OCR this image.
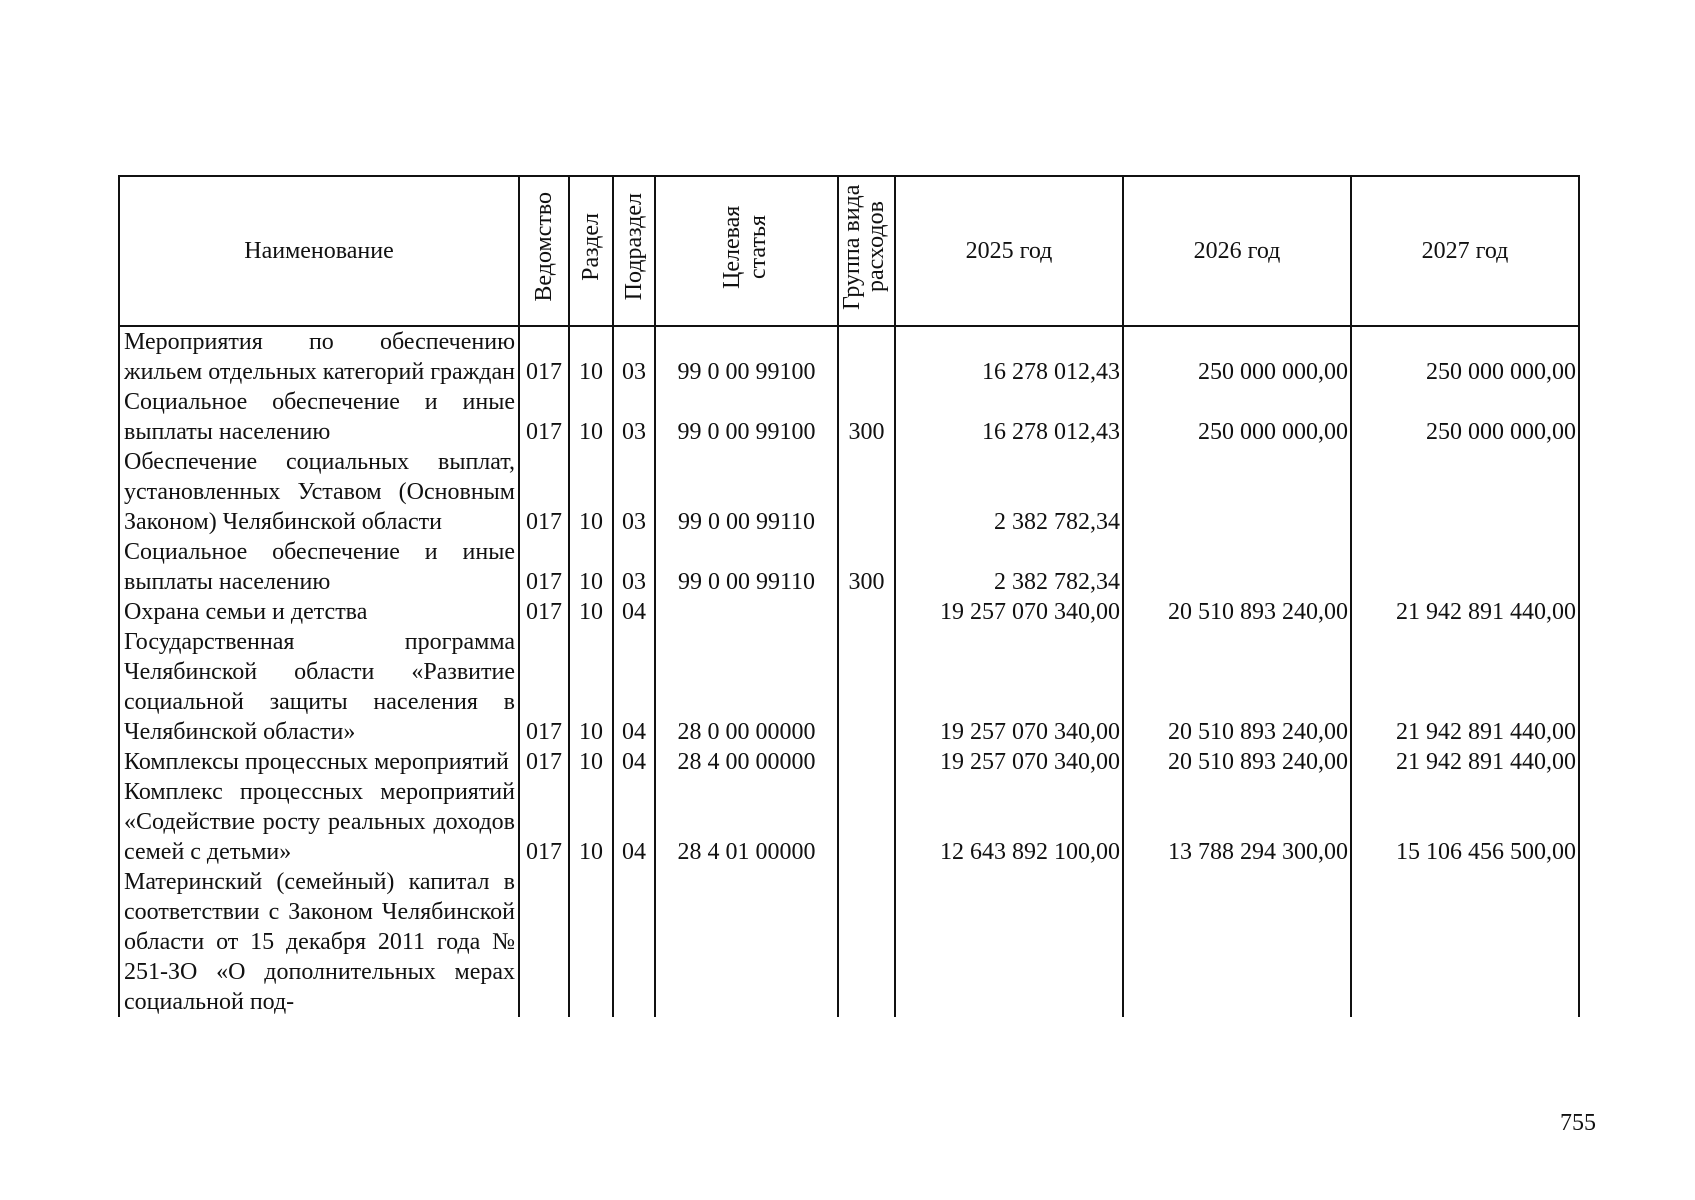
Наименование	Ведомство	Раздел	Подраздел	Целевая статья	Группа вида расходов	2025 год	2026 год	2027 год
Мероприятия по обеспечению жильем отдельных категорий граждан	017	10	03	99 0 00 99100		16 278 012,43	250 000 000,00	250 000 000,00
Социальное обеспечение и иные выплаты населению	017	10	03	99 0 00 99100	300	16 278 012,43	250 000 000,00	250 000 000,00
Обеспечение социальных выплат, установленных Уставом (Основным Законом) Челябинской области	017	10	03	99 0 00 99110		2 382 782,34		
Социальное обеспечение и иные выплаты населению	017	10	03	99 0 00 99110	300	2 382 782,34		
Охрана семьи и детства	017	10	04			19 257 070 340,00	20 510 893 240,00	21 942 891 440,00
Государственная программа Челябинской области «Развитие социальной защиты населения в Челябинской области»	017	10	04	28 0 00 00000		19 257 070 340,00	20 510 893 240,00	21 942 891 440,00
Комплексы процессных мероприятий	017	10	04	28 4 00 00000		19 257 070 340,00	20 510 893 240,00	21 942 891 440,00
Комплекс процессных мероприятий «Содействие росту реальных доходов семей с детьми»	017	10	04	28 4 01 00000		12 643 892 100,00	13 788 294 300,00	15 106 456 500,00
Материнский (семейный) капитал в соответствии с Законом Челябинской области от 15 декабря 2011 года № 251-ЗО «О дополнительных мерах социальной под-								
755
